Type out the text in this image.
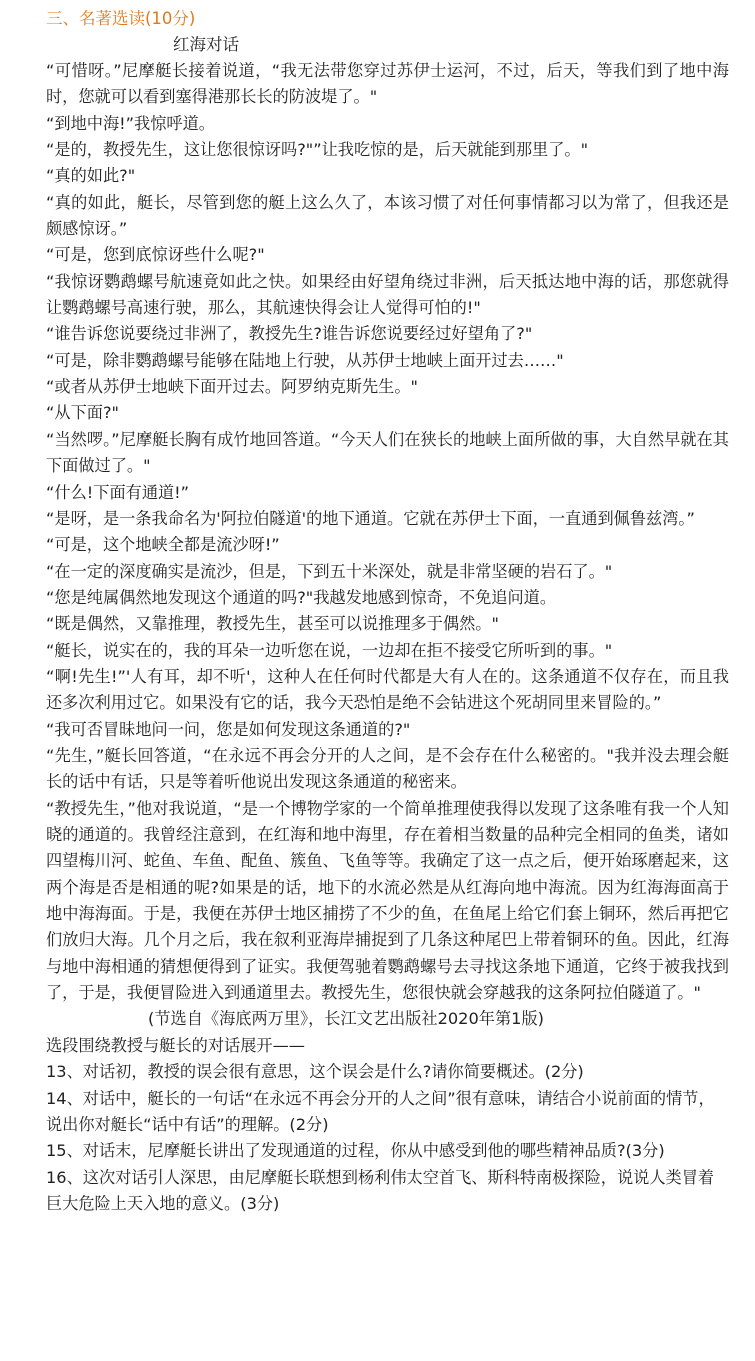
三、名著选读(10分)
红海对话

“可惜呀。”尼摩艇长接着说道，“我无法带您穿过苏伊士运河，不过，后天，等我们到了地中海时，您就可以看到塞得港那长长的防波堤了。"

“到地中海!”我惊呼道。

“是的，教授先生，这让您很惊讶吗?"”让我吃惊的是，后天就能到那里了。"

“真的如此?"

“真的如此，艇长，尽管到您的艇上这么久了，本该习惯了对任何事情都习以为常了，但我还是颇感惊讶。”

“可是，您到底惊讶些什么呢?"

“我惊讶鹦鹉螺号航速竟如此之快。如果经由好望角绕过非洲，后天抵达地中海的话，那您就得让鹦鹉螺号高速行驶，那么，其航速快得会让人觉得可怕的!"

“谁告诉您说要绕过非洲了，教授先生?谁告诉您说要经过好望角了?"

“可是，除非鹦鹉螺号能够在陆地上行驶，从苏伊士地峡上面开过去……"

“或者从苏伊士地峡下面开过去。阿罗纳克斯先生。"

“从下面?"

“当然啰。”尼摩艇长胸有成竹地回答道。“今天人们在狭长的地峡上面所做的事，大自然早就在其下面做过了。"

“什么!下面有通道!”

“是呀，是一条我命名为'阿拉伯隧道'的地下通道。它就在苏伊士下面，一直通到佩鲁兹湾。”

“可是，这个地峡全都是流沙呀!”

“在一定的深度确实是流沙，但是，下到五十米深处，就是非常坚硬的岩石了。"

“您是纯属偶然地发现这个通道的吗?"我越发地感到惊奇，不免追问道。

“既是偶然，又靠推理，教授先生，甚至可以说推理多于偶然。"

“艇长，说实在的，我的耳朵一边听您在说，一边却在拒不接受它所听到的事。"

“啊!先生!”'人有耳，却不听'，这种人在任何时代都是大有人在的。这条通道不仅存在，而且我还多次利用过它。如果没有它的话，我今天恐怕是绝不会钻进这个死胡同里来冒险的。”

“我可否冒昧地问一问，您是如何发现这条通道的?"

“先生，”艇长回答道，“在永远不再会分开的人之间，是不会存在什么秘密的。"我并没去理会艇长的话中有话，只是等着听他说出发现这条通道的秘密来。

“教授先生，”他对我说道，“是一个博物学家的一个简单推理使我得以发现了这条唯有我一个人知晓的通道的。我曾经注意到，在红海和地中海里，存在着相当数量的品种完全相同的鱼类，诸如四望梅川河、蛇鱼、车鱼、配鱼、簇鱼、飞鱼等等。我确定了这一点之后，便开始琢磨起来，这两个海是否是相通的呢?如果是的话，地下的水流必然是从红海向地中海流。因为红海海面高于地中海海面。于是，我便在苏伊士地区捕捞了不少的鱼，在鱼尾上给它们套上铜环，然后再把它们放归大海。几个月之后，我在叙利亚海岸捕捉到了几条这种尾巴上带着铜环的鱼。因此，红海与地中海相通的猜想便得到了证实。我便驾驰着鹦鹉螺号去寻找这条地下通道，它终于被我找到了，于是，我便冒险进入到通道里去。教授先生，您很快就会穿越我的这条阿拉伯隧道了。"

(节选自《海底两万里》，长江文艺出版社2020年第1版)
选段围绕教授与艇长的对话展开——

13、对话初，教授的误会很有意思，这个误会是什么?请你简要概述。(2分)

14、对话中，艇长的一句话“在永远不再会分开的人之间”很有意味，请结合小说前面的情节，说出你对艇长“话中有话”的理解。(2分)

15、对话末，尼摩艇长讲出了发现通道的过程，你从中感受到他的哪些精神品质?(3分)

16、这次对话引人深思，由尼摩艇长联想到杨利伟太空首飞、斯科特南极探险，说说人类冒着巨大危险上天入地的意义。(3分)
